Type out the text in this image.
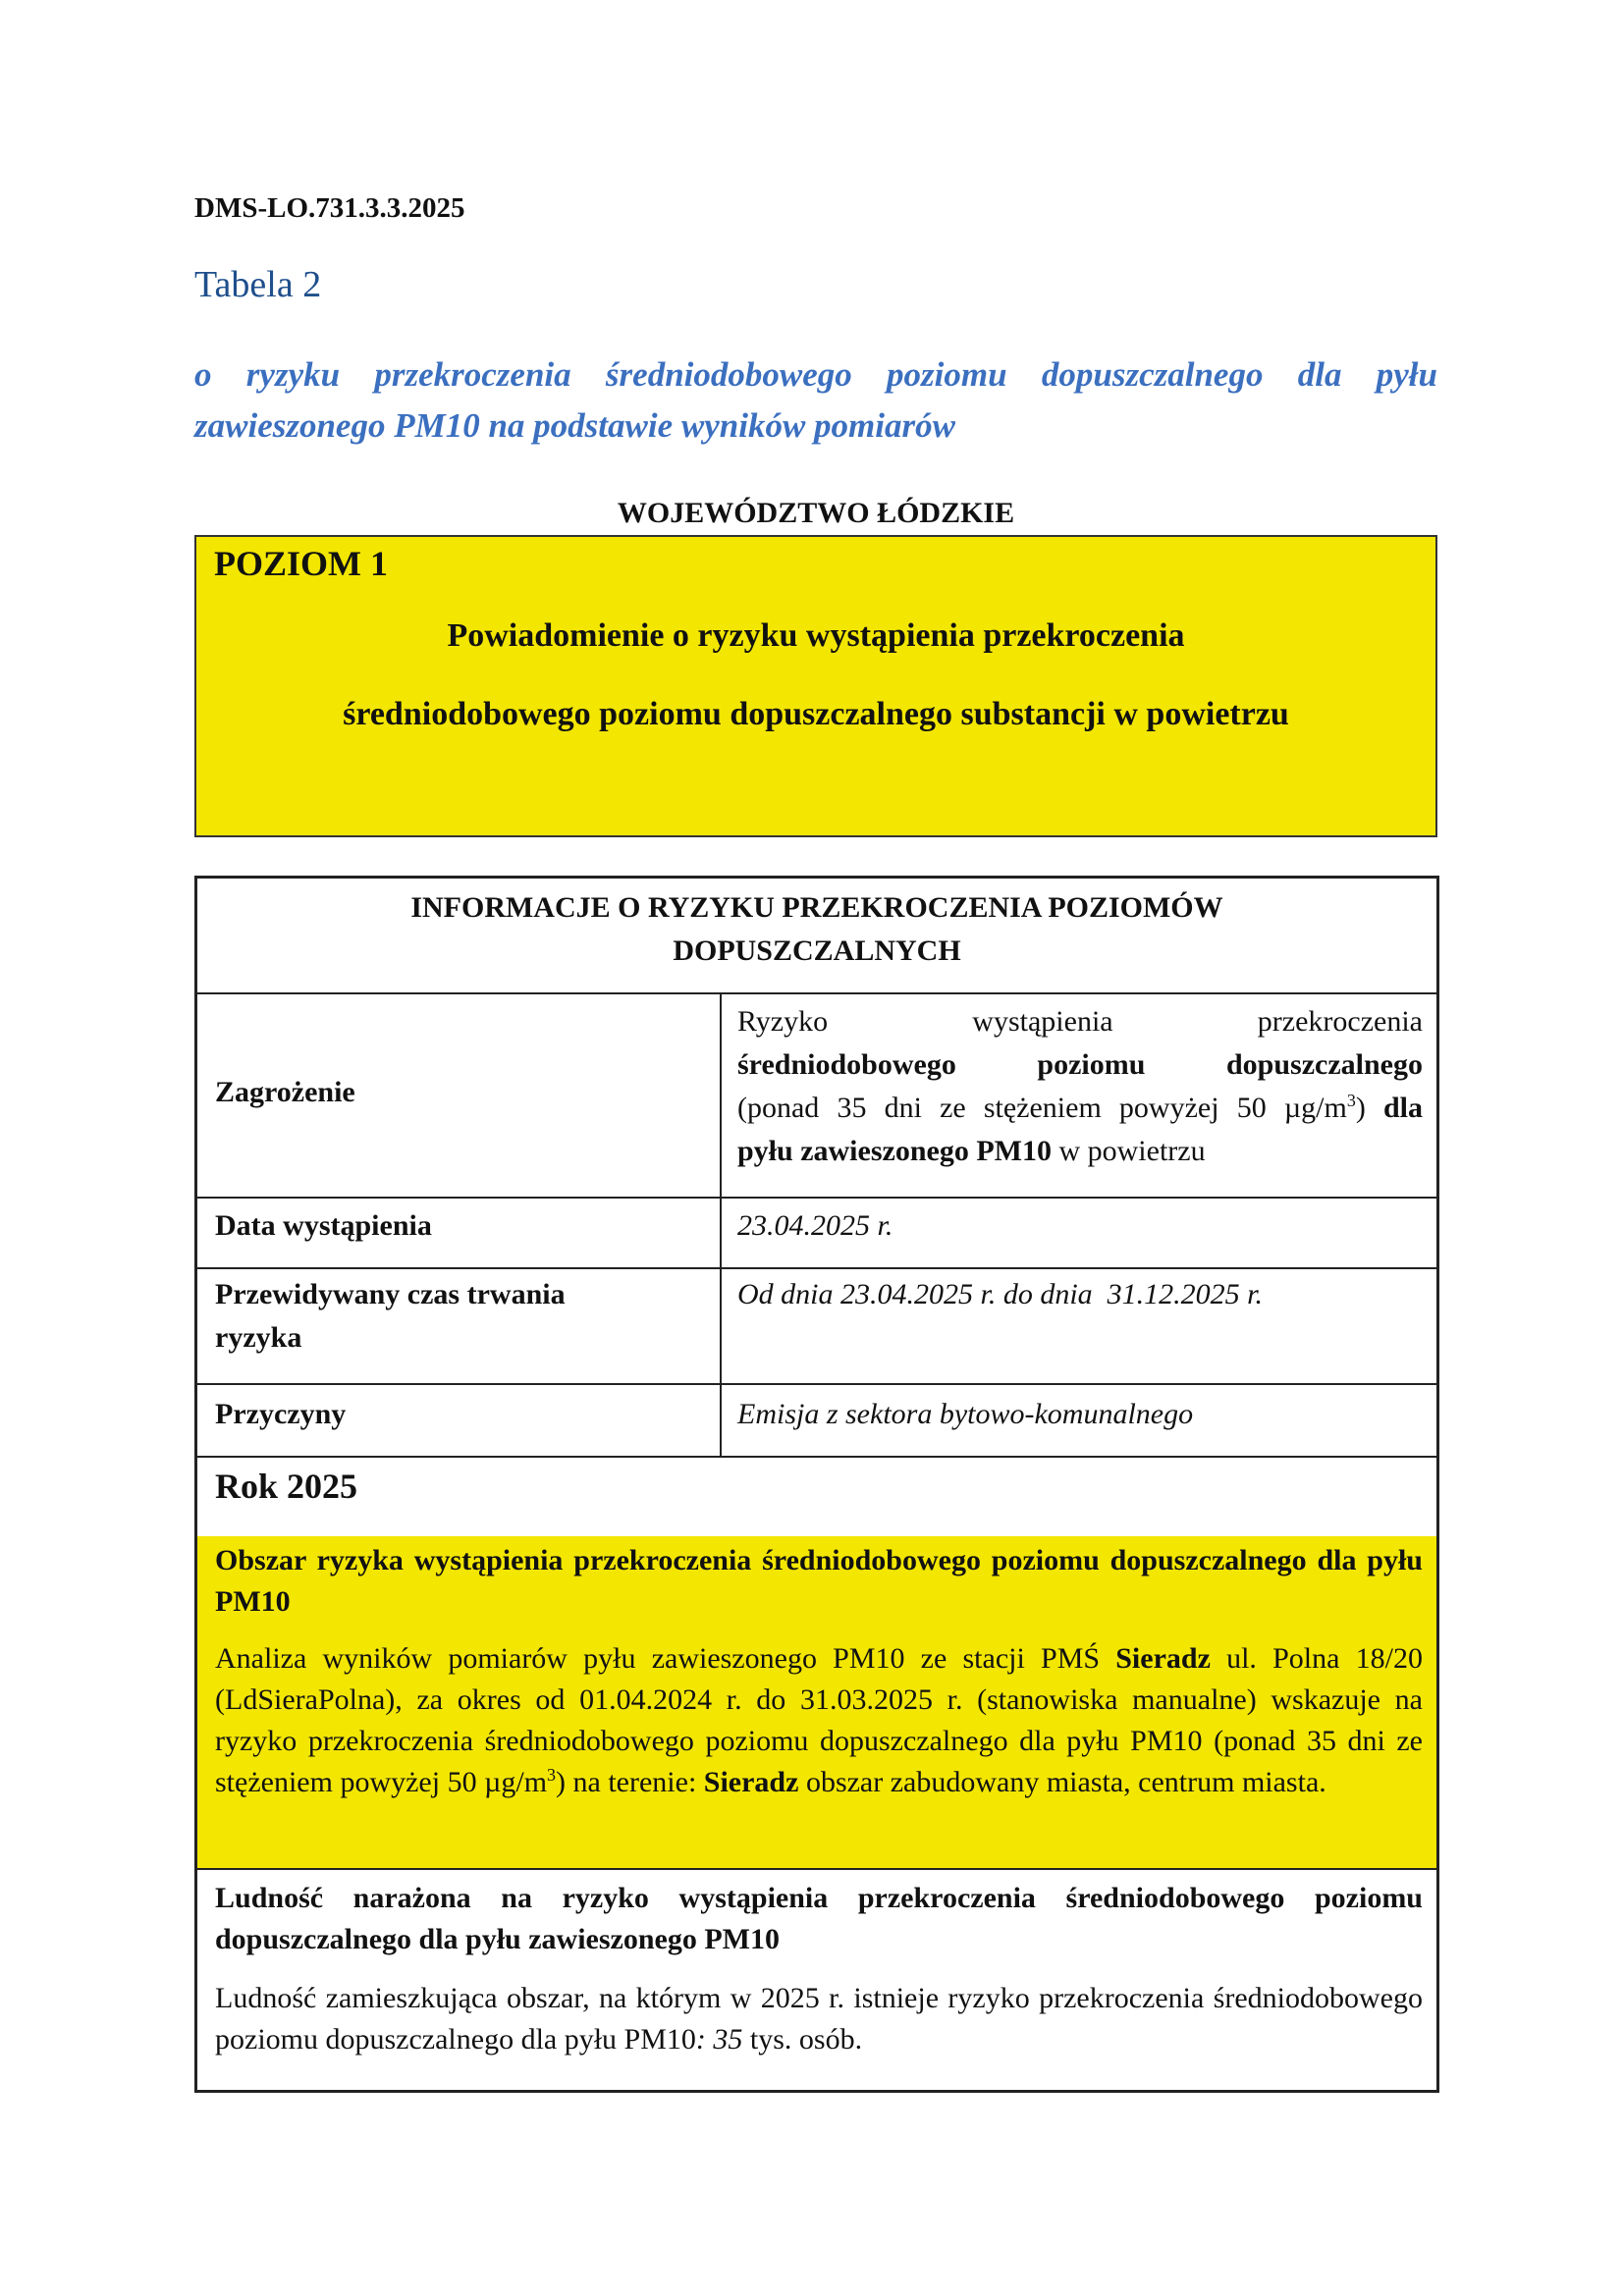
DMS-LO.731.3.3.2025

Tabela 2

o ryzyku przekroczenia średniodobowego poziomu dopuszczalnego dla pyłu zawieszonego PM10 na podstawie wyników pomiarów

WOJEWÓDZTWO ŁÓDZKIE

POZIOM 1
Powiadomienie o ryzyku wystąpienia przekroczenia
średniodobowego poziomu dopuszczalnego substancji w powietrzu
INFORMACJE O RYZYKU PRZEKROCZENIA POZIOMÓW
DOPUSZCZALNYCH
Zagrożenie
Ryzyko wystąpienia przekroczenia
średniodobowego poziomu dopuszczalnego
(ponad 35 dni ze stężeniem powyżej 50 $\mu g/m^3$) dla
pyłu zawieszonego PM10 w powietrzu
Data wystąpienia	23.04.2025 r.
Przewidywany czas trwania
ryzyka
Od dnia 23.04.2025 r. do dnia  31.12.2025 r.
Przyczyny	Emisja z sektora bytowo-komunalnego
Rok 2025
Obszar ryzyka wystąpienia przekroczenia średniodobowego poziomu dopuszczalnego dla pyłu PM10
Analiza wyników pomiarów pyłu zawieszonego PM10 ze stacji PMŚ Sieradz ul. Polna 18/20 (LdSieraPolna), za okres od 01.04.2024 r. do 31.03.2025 r. (stanowiska manualne) wskazuje na ryzyko przekroczenia średniodobowego poziomu dopuszczalnego dla pyłu PM10 (ponad 35 dni ze stężeniem powyżej 50 $\mu g/m^3$) na terenie: Sieradz obszar zabudowany miasta, centrum miasta.
Ludność narażona na ryzyko wystąpienia przekroczenia średniodobowego poziomu dopuszczalnego dla pyłu zawieszonego PM10
Ludność zamieszkująca obszar, na którym w 2025 r. istnieje ryzyko przekroczenia średniodobowego poziomu dopuszczalnego dla pyłu PM10: 35 tys. osób.
